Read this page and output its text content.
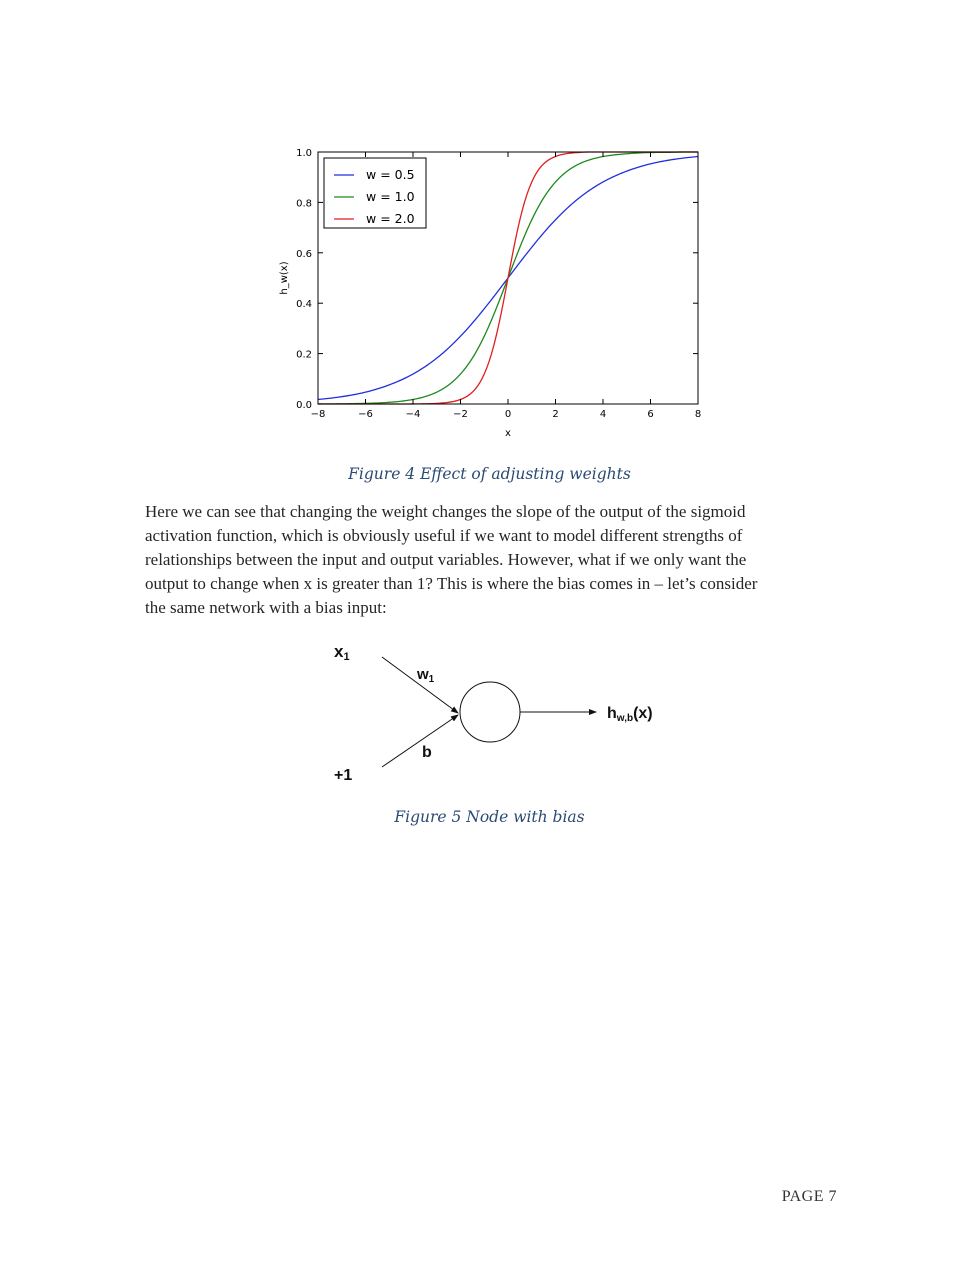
−8	−6	−4	−2	0	2	4	6	8
0.0
0.2
0.4
0.6
0.8
1.0
x
h_w(x)
w = 0.5
w = 1.0
w = 2.0
Figure 4 Effect of adjusting weights
Here we can see that changing the weight changes the slope of the output of the sigmoid
activation function, which is obviously useful if we want to model different strengths of
relationships between the input and output variables. However, what if we only want the
output to change when x is greater than 1? This is where the bias comes in – let’s consider
the same network with a bias input:
x1
$w_1$
b
+1
hw,b(x)
Figure 5 Node with bias
PAGE 7
